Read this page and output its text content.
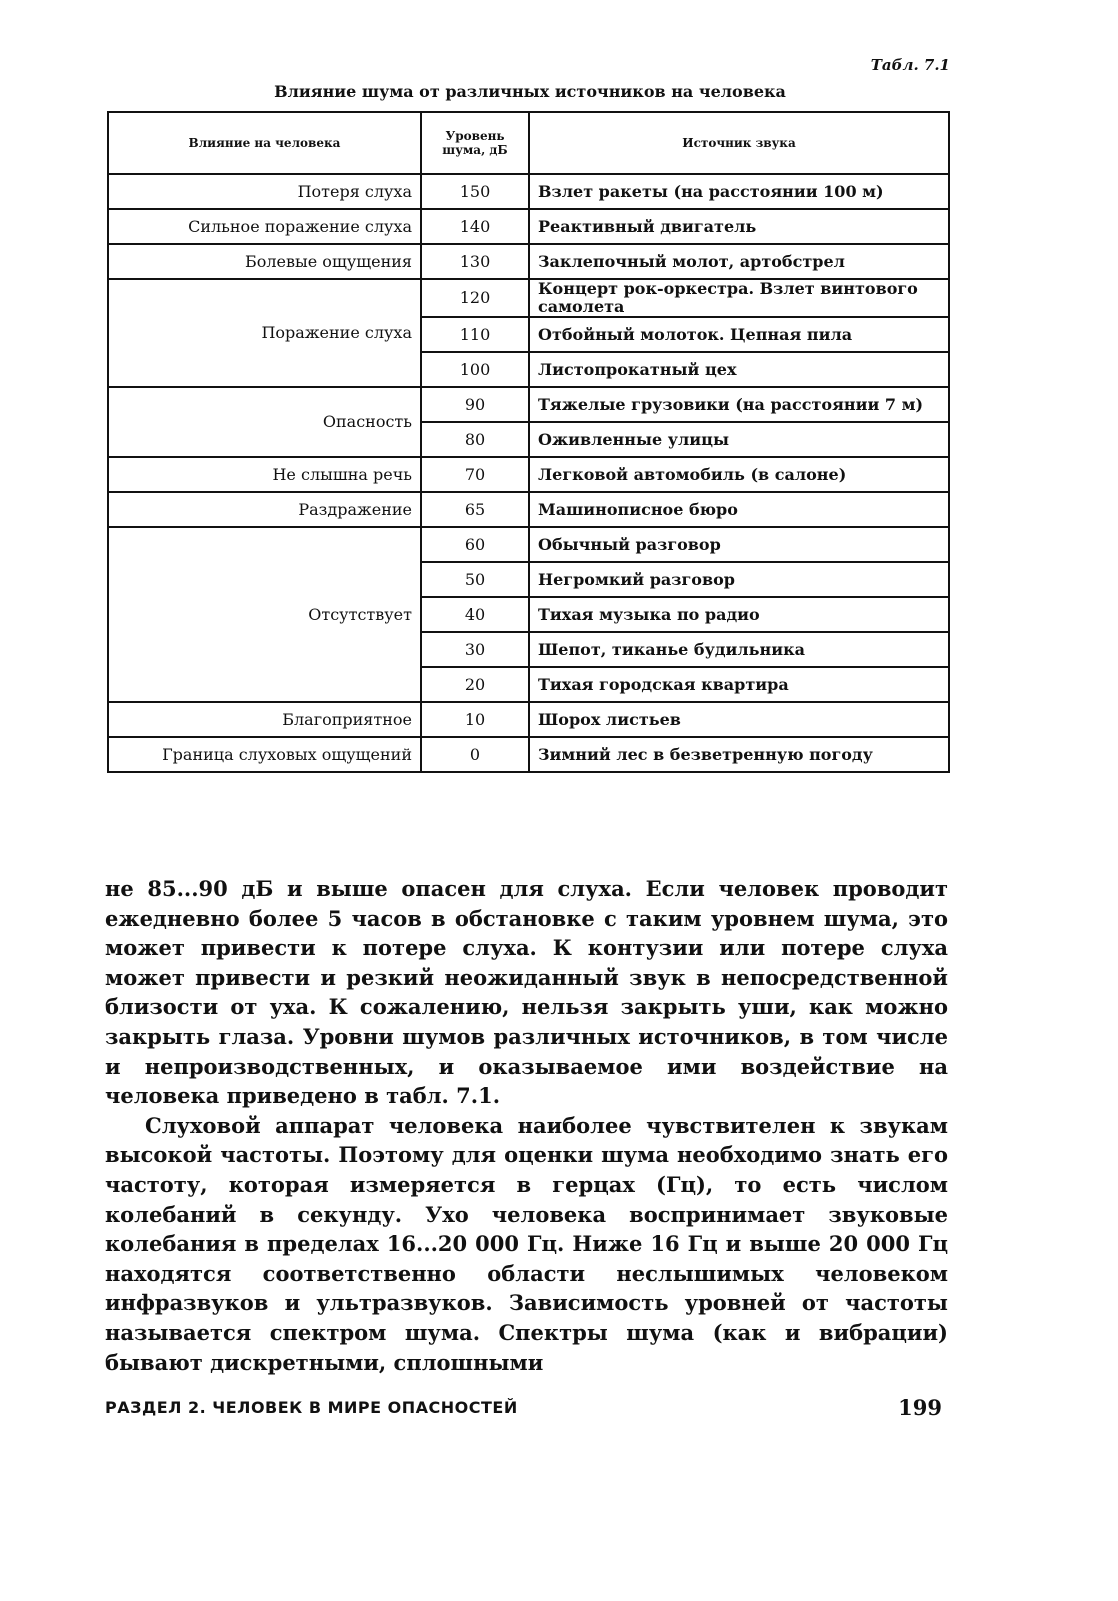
Табл. 7.1
Влияние шума от различных источников на человека
Влияние на человека	Уровень шума, дБ	Источник звука
Потеря слуха	150	Взлет ракеты (на расстоянии 100 м)
Сильное поражение слуха	140	Реактивный двигатель
Болевые ощущения	130	Заклепочный молот, артобстрел
Поражение слуха	120	Концерт рок-оркестра. Взлет винтового самолета
	110	Отбойный молоток. Цепная пила
	100	Листопрокатный цех
Опасность	90	Тяжелые грузовики (на расстоянии 7 м)
	80	Оживленные улицы
Не слышна речь	70	Легковой автомобиль (в салоне)
Раздражение	65	Машинописное бюро
Отсутствует	60	Обычный разговор
	50	Негромкий разговор
	40	Тихая музыка по радио
	30	Шепот, тиканье будильника
	20	Тихая городская квартира
Благоприятное	10	Шорох листьев
Граница слуховых ощущений	0	Зимний лес в безветренную погоду

не 85...90 дБ и выше опасен для слуха. Если человек проводит ежедневно более 5 часов в обстановке с таким уровнем шума, это может привести к потере слуха. К контузии или потере слуха может привести и резкий неожиданный звук в непосредственной близости от уха. К сожалению, нельзя закрыть уши, как можно закрыть глаза. Уровни шумов различных источников, в том числе и непроизводственных, и оказываемое ими воздействие на человека приведено в табл. 7.1.

Слуховой аппарат человека наиболее чувствителен к звукам высокой частоты. Поэтому для оценки шума необходимо знать его частоту, которая измеряется в герцах (Гц), то есть числом колебаний в секунду. Ухо человека воспринимает звуковые колебания в пределах 16...20 000 Гц. Ниже 16 Гц и выше 20 000 Гц находятся соответственно области неслышимых человеком инфразвуков и ультразвуков. Зависимость уровней от частоты называется спектром шума. Спектры шума (как и вибрации) бывают дискретными, сплошными

РАЗДЕЛ 2. ЧЕЛОВЕК В МИРЕ ОПАСНОСТЕЙ	199
